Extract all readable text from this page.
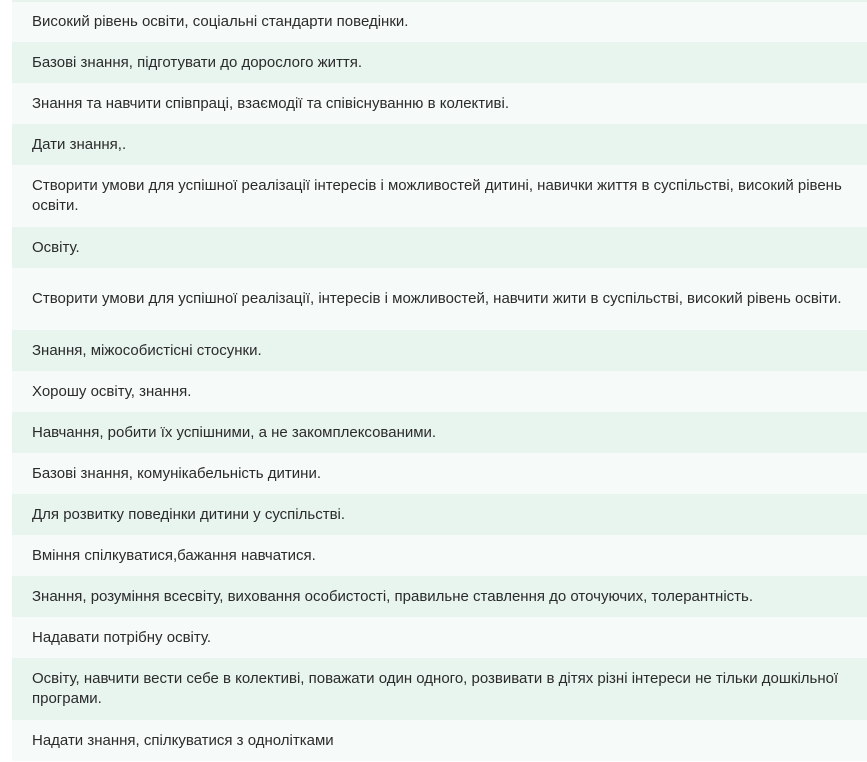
Високий рівень освіти, соціальні стандарти поведінки.
Базові знання, підготувати до дорослого життя.
Знання та навчити співпраці, взаємодії та співіснуванню в колективі.
Дати знання,.
Створити умови для успішної реалізації інтересів і можливостей дитині, навички життя в суспільстві, високий рівень освіти.
Освіту.
Створити умови для успішної реалізації, інтересів і можливостей, навчити жити в суспільстві, високий рівень освіти.
Знання, міжособистісні стосунки.
Хорошу освіту, знання.
Навчання, робити їх успішними, а не закомплексованими.
Базові знання, комунікабельність дитини.
Для розвитку поведінки дитини у суспільстві.
Вміння спілкуватися,бажання навчатися.
Знання, розуміння всесвіту, виховання особистості, правильне ставлення до оточуючих, толерантність.
Надавати потрібну освіту.
Освіту, навчити вести себе в колективі, поважати один одного, розвивати в дітях різні інтереси не тільки дошкільної програми.
Надати знання, спілкуватися з однолітками
